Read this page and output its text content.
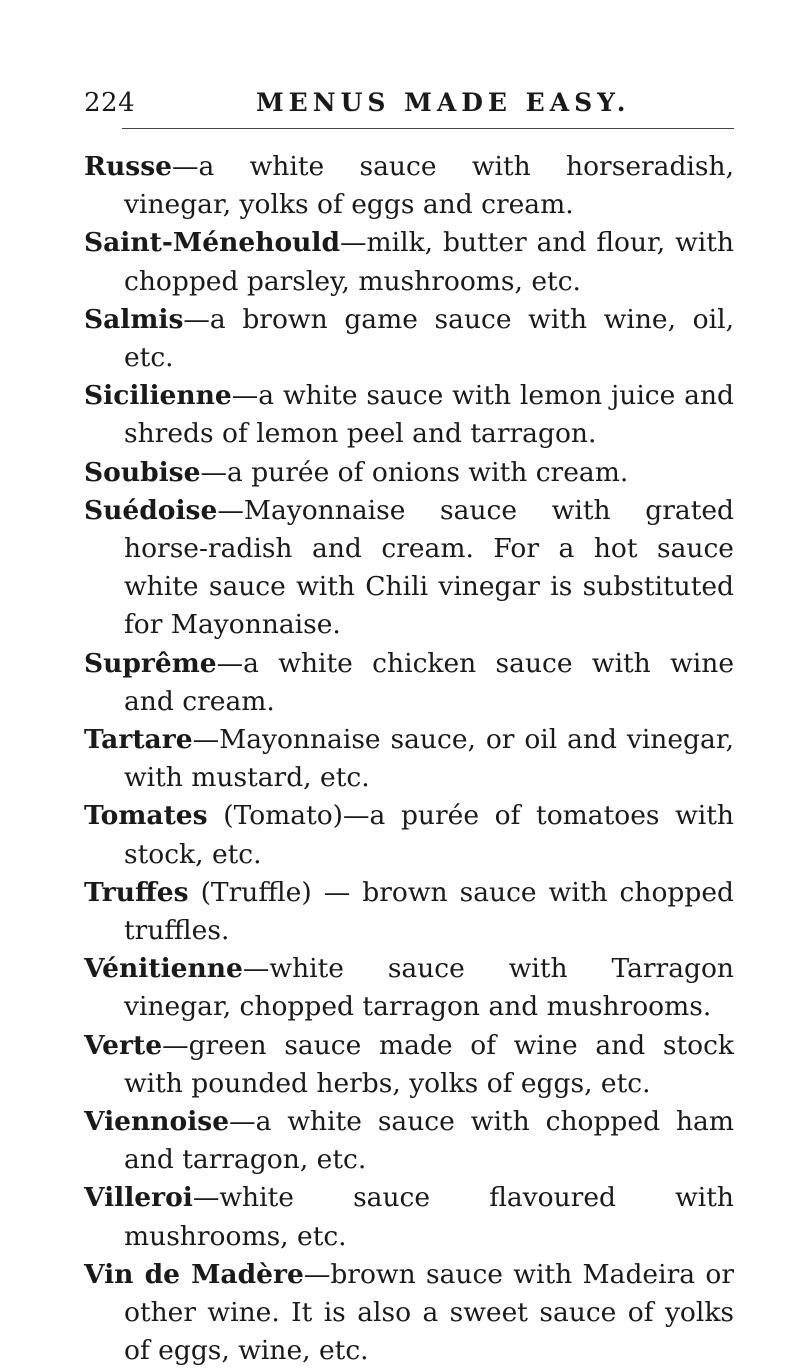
224	MENUS MADE EASY.

Russe—a white sauce with horseradish, vinegar, yolks of eggs and cream.

Saint-Ménehould—milk, butter and flour, with chopped parsley, mushrooms, etc.

Salmis—a brown game sauce with wine, oil, etc.

Sicilienne—a white sauce with lemon juice and shreds of lemon peel and tarragon.

Soubise—a purée of onions with cream.

Suédoise—Mayonnaise sauce with grated horse-radish and cream. For a hot sauce white sauce with Chili vinegar is substituted for Mayonnaise.

Suprême—a white chicken sauce with wine and cream.

Tartare—Mayonnaise sauce, or oil and vinegar, with mustard, etc.

Tomates (Tomato)—a purée of tomatoes with stock, etc.

Truffes (Truffle) — brown sauce with chopped truffles.

Vénitienne—white sauce with Tarragon vinegar, chopped tarragon and mushrooms.

Verte—green sauce made of wine and stock with pounded herbs, yolks of eggs, etc.

Viennoise—a white sauce with chopped ham and tarragon, etc.

Villeroi—white sauce flavoured with mushrooms, etc.

Vin de Madère—brown sauce with Madeira or other wine. It is also a sweet sauce of yolks of eggs, wine, etc.
